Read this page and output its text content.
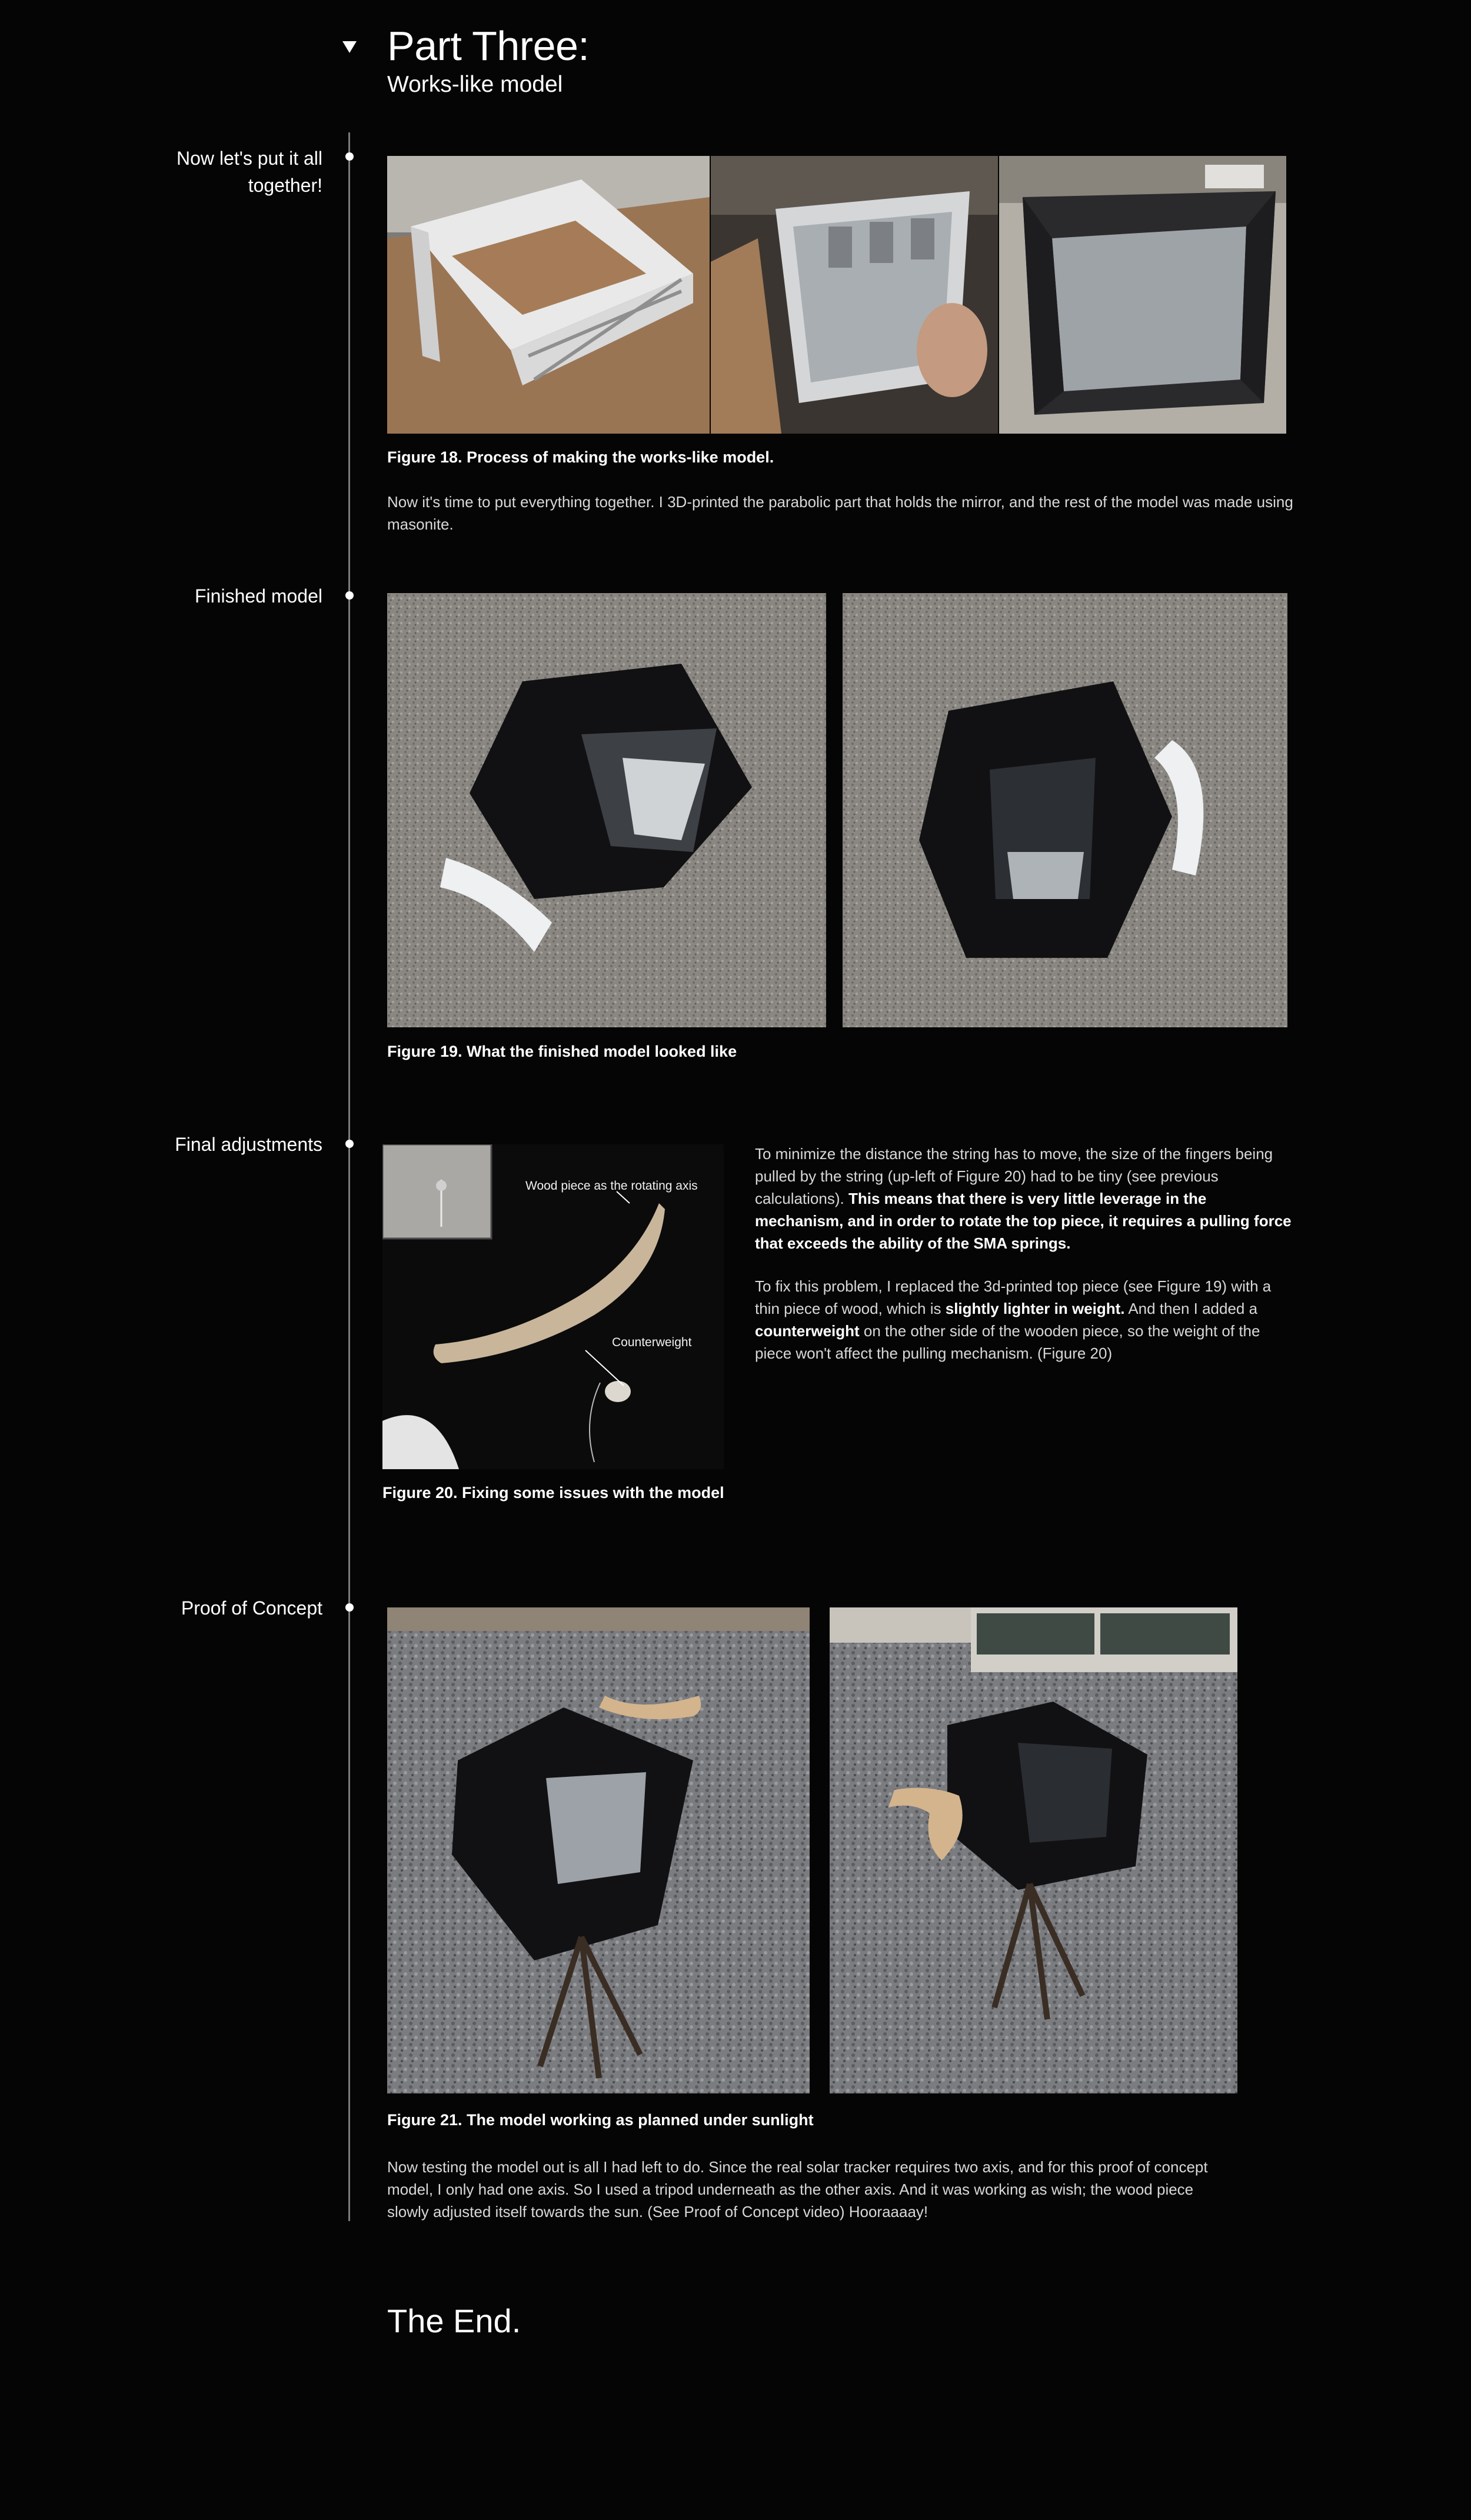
Part Three:
Works-like model
Now let's put it all
together!
Finished model
Final adjustments
Proof of Concept
Figure 18. Process of making the works-like model.
Now it's time to put everything together. I 3D-printed the parabolic part that holds the mirror, and the rest of the model was made using masonite.
Figure 19. What the finished model looked like
Wood piece as the rotating axis
Counterweight
Figure 20. Fixing some issues with the model
To minimize the distance the string has to move, the size of the fingers being pulled by the string (up-left of Figure 20) had to be tiny (see previous calculations). This means that there is very little leverage in the mechanism, and in order to rotate the top piece, it requires a pulling force that exceeds the ability of the SMA springs.
To fix this problem, I replaced the 3d-printed top piece (see Figure 19) with a thin piece of wood, which is slightly lighter in weight. And then I added a counterweight on the other side of the wooden piece, so the weight of the piece won't affect the pulling mechanism. (Figure 20)
Figure 21. The model working as planned under sunlight
Now testing the model out is all I had left to do. Since the real solar tracker requires two axis, and for this proof of concept model, I only had one axis. So I used a tripod underneath as the other axis. And it was working as wish; the wood piece slowly adjusted itself towards the sun. (See Proof of Concept video) Hooraaaay!
The End.
